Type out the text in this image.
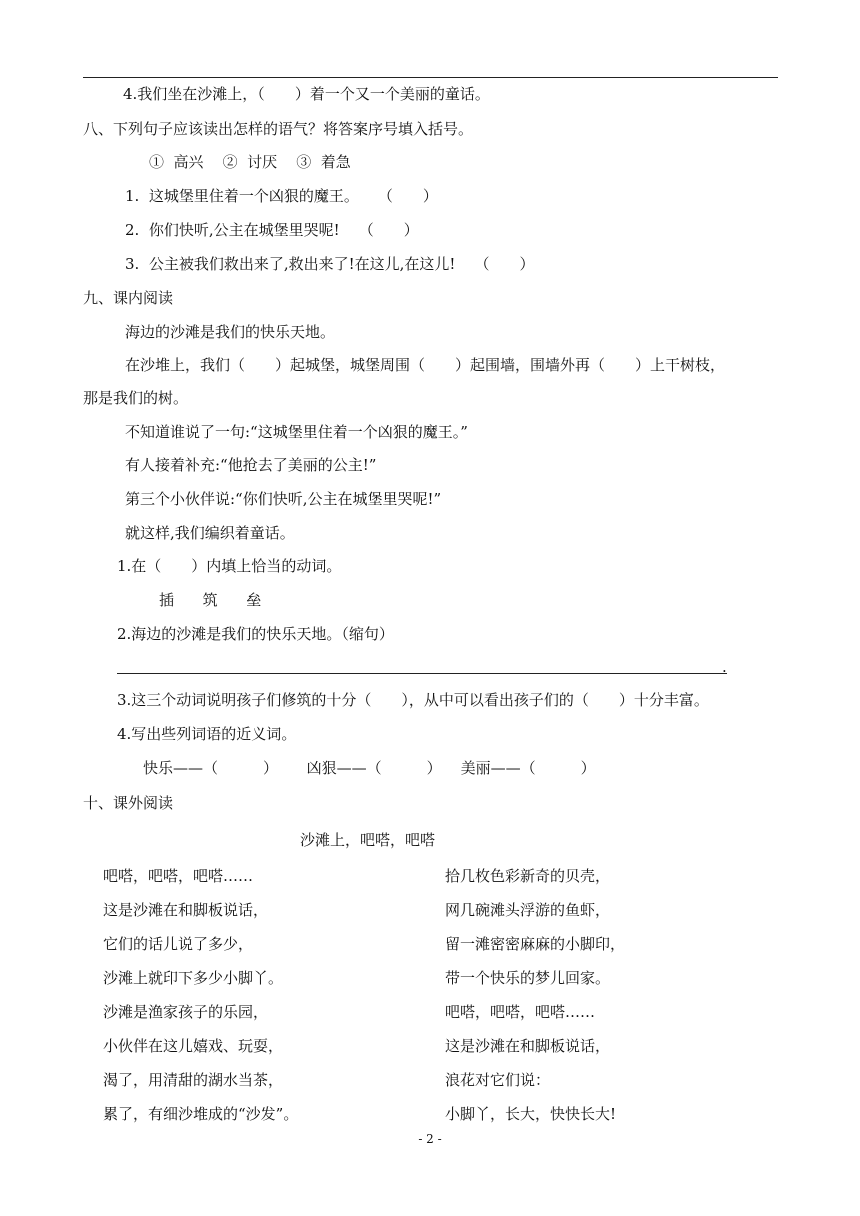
4.我们坐在沙滩上，（　　）着一个又一个美丽的童话。
八、下列句子应该读出怎样的语气？将答案序号填入括号。
①  高兴    ②  讨厌    ③  着急
1.  这城堡里住着一个凶狠的魔王。    （　　）
2.  你们快听,公主在城堡里哭呢!    （　　）
3.  公主被我们救出来了,救出来了!在这儿,在这儿!    （　　）
九、课内阅读
海边的沙滩是我们的快乐天地。
在沙堆上，我们（　　）起城堡，城堡周围（　　）起围墙，围墙外再（　　）上干树枝，
那是我们的树。
不知道谁说了一句:“这城堡里住着一个凶狠的魔王。”
有人接着补充:“他抢去了美丽的公主!”
第三个小伙伴说:“你们快听,公主在城堡里哭呢!”
就这样,我们编织着童话。
1.在（　　）内填上恰当的动词。
插      筑      垒
2.海边的沙滩是我们的快乐天地。（缩句）
.
3.这三个动词说明孩子们修筑的十分（　　），从中可以看出孩子们的（　　）十分丰富。
4.写出些列词语的近义词。
快乐——（　　　）      凶狠——（　　　）    美丽——（　　　）
十、课外阅读
沙滩上，吧嗒，吧嗒
吧嗒，吧嗒，吧嗒……
这是沙滩在和脚板说话，
它们的话儿说了多少，
沙滩上就印下多少小脚丫。
沙滩是渔家孩子的乐园，
小伙伴在这儿嬉戏、玩耍，
渴了，用清甜的湖水当茶，
累了，有细沙堆成的“沙发”。
拾几枚色彩新奇的贝壳，
网几碗滩头浮游的鱼虾，
留一滩密密麻麻的小脚印，
带一个快乐的梦儿回家。
吧嗒，吧嗒，吧嗒……
这是沙滩在和脚板说话，
浪花对它们说：
小脚丫，长大，快快长大!
- 2 -
